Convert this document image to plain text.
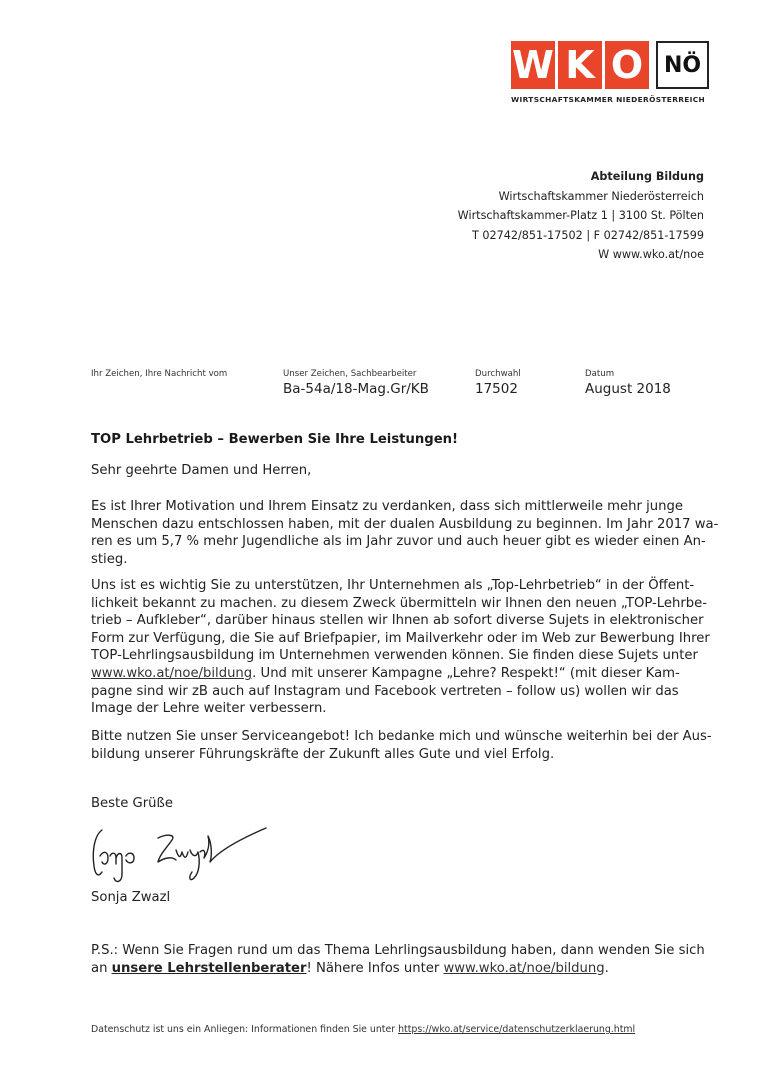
W K O NÖ
WIRTSCHAFTSKAMMER NIEDERÖSTERREICH
Abteilung Bildung
Wirtschaftskammer Niederösterreich
Wirtschaftskammer-Platz 1 | 3100 St. Pölten
T 02742/851-17502 | F 02742/851-17599
W www.wko.at/noe
Ihr Zeichen, Ihre Nachricht vom	Unser Zeichen, Sachbearbeiter
Ba-54a/18-Mag.Gr/KB
Durchwahl
17502
Datum
August 2018
TOP Lehrbetrieb – Bewerben Sie Ihre Leistungen!

Sehr geehrte Damen und Herren,

Es ist Ihrer Motivation und Ihrem Einsatz zu verdanken, dass sich mittlerweile mehr junge
Menschen dazu entschlossen haben, mit der dualen Ausbildung zu beginnen. Im Jahr 2017 wa-
ren es um 5,7 % mehr Jugendliche als im Jahr zuvor und auch heuer gibt es wieder einen An-
stieg.

Uns ist es wichtig Sie zu unterstützen, Ihr Unternehmen als „Top-Lehrbetrieb“ in der Öffent-
lichkeit bekannt zu machen. zu diesem Zweck übermitteln wir Ihnen den neuen „TOP-Lehrbe-
trieb – Aufkleber“, darüber hinaus stellen wir Ihnen ab sofort diverse Sujets in elektronischer
Form zur Verfügung, die Sie auf Briefpapier, im Mailverkehr oder im Web zur Bewerbung Ihrer
TOP-Lehrlingsausbildung im Unternehmen verwenden können. Sie finden diese Sujets unter
www.wko.at/noe/bildung. Und mit unserer Kampagne „Lehre? Respekt!“ (mit dieser Kam-
pagne sind wir zB auch auf Instagram und Facebook vertreten – follow us) wollen wir das
Image der Lehre weiter verbessern.

Bitte nutzen Sie unser Serviceangebot! Ich bedanke mich und wünsche weiterhin bei der Aus-
bildung unserer Führungskräfte der Zukunft alles Gute und viel Erfolg.

Beste Grüße

Sonja Zwazl

P.S.: Wenn Sie Fragen rund um das Thema Lehrlingsausbildung haben, dann wenden Sie sich
an unsere Lehrstellenberater! Nähere Infos unter www.wko.at/noe/bildung.

Datenschutz ist uns ein Anliegen: Informationen finden Sie unter https://wko.at/service/datenschutzerklaerung.html
